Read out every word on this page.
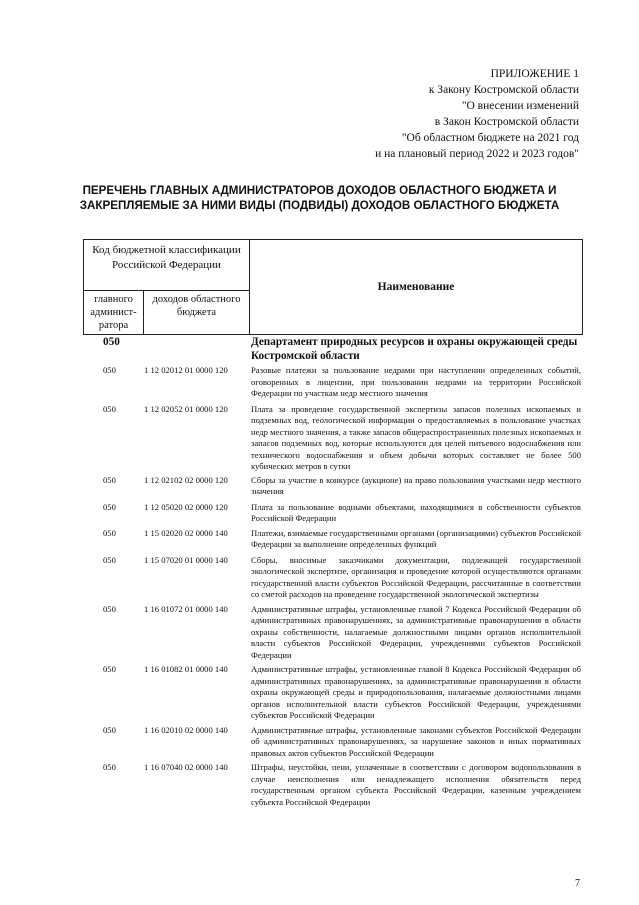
ПРИЛОЖЕНИЕ 1
к Закону Костромской области
"О внесении изменений
в Закон Костромской области
"Об областном бюджете на 2021 год
и на плановый период 2022 и 2023 годов"
ПЕРЕЧЕНЬ ГЛАВНЫХ АДМИНИСТРАТОРОВ ДОХОДОВ ОБЛАСТНОГО БЮДЖЕТА И
ЗАКРЕПЛЯЕМЫЕ ЗА НИМИ ВИДЫ (ПОДВИДЫ) ДОХОДОВ ОБЛАСТНОГО БЮДЖЕТА
Код бюджетной классификации Российской Федерации
главного админист-ратора
доходов областного бюджета
Наименование
050	Департамент природных ресурсов и охраны окружающей среды Костромской области
050	1 12 02012 01 0000 120	Разовые платежи за пользование недрами при наступлении определенных событий, оговоренных в лицензии, при пользовании недрами на территории Российской Федерации по участкам недр местного значения
050	1 12 02052 01 0000 120	Плата за проведение государственной экспертизы запасов полезных ископаемых и подземных вод, геологической информации о предоставляемых в пользование участках недр местного значения, а также запасов общераспространенных полезных ископаемых и запасов подземных вод, которые используются для целей питьевого водоснабжения или технического водоснабжения и объем добычи которых составляет не более 500 кубических метров в сутки
050	1 12 02102 02 0000 120	Сборы за участие в конкурсе (аукционе) на право пользования участками недр местного значения
050	1 12 05020 02 0000 120	Плата за пользование водными объектами, находящимися в собственности субъектов Российской Федерации
050	1 15 02020 02 0000 140	Платежи, взимаемые государственными органами (организациями) субъектов Российской Федерации за выполнение определенных функций
050	1 15 07020 01 0000 140	Сборы, вносимые заказчиками документации, подлежащей государственной экологической экспертизе, организация и проведение которой осуществляются органами государственной власти субъектов Российской Федерации, рассчитанные в соответствии со сметой расходов на проведение государственной экологической экспертизы
050	1 16 01072 01 0000 140	Административные штрафы, установленные главой 7 Кодекса Российской Федерации об административных правонарушениях, за административные правонарушения в области охраны собственности, налагаемые должностными лицами органов исполнительной власти субъектов Российской Федерации, учреждениями субъектов Российской Федерации
050	1 16 01082 01 0000 140	Административные штрафы, установленные главой 8 Кодекса Российской Федерации об административных правонарушениях, за административные правонарушения в области охраны окружающей среды и природопользования, налагаемые должностными лицами органов исполнительной власти субъектов Российской Федерации, учреждениями субъектов Российской Федерации
050	1 16 02010 02 0000 140	Административные штрафы, установленные законами субъектов Российской Федерации об административных правонарушениях, за нарушение законов и иных нормативных правовых актов субъектов Российской Федерации
050	1 16 07040 02 0000 140	Штрафы, неустойки, пени, уплаченные в соответствии с договором водопользования в случае неисполнения или ненадлежащего исполнения обязательств перед государственным органом субъекта Российской Федерации, казенным учреждением субъекта Российской Федерации
7
